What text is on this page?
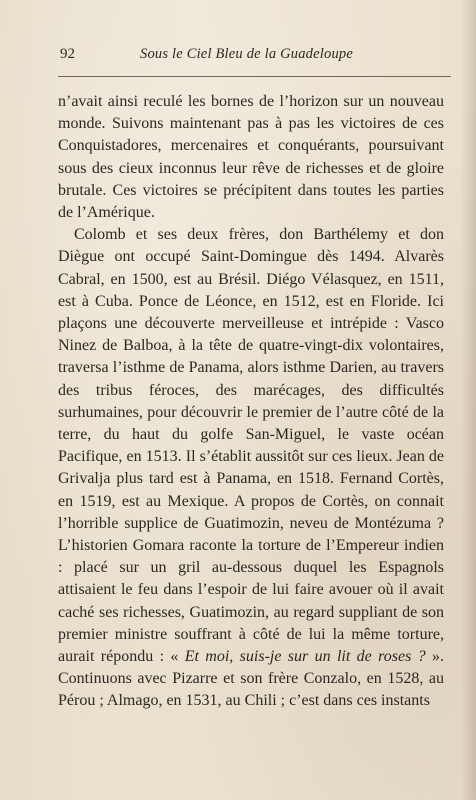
92	Sous le Ciel Bleu de la Guadeloupe

n’avait ainsi reculé les bornes de l’horizon sur un nouveau monde. Suivons maintenant pas à pas les victoires de ces Conquistadores, mercenaires et conquérants, poursuivant sous des cieux inconnus leur rêve de richesses et de gloire brutale. Ces victoires se précipitent dans toutes les parties de l’Amérique.

Colomb et ses deux frères, don Barthélemy et don Diègue ont occupé Saint-Domingue dès 1494. Alvarès Cabral, en 1500, est au Brésil. Diégo Vélasquez, en 1511, est à Cuba. Ponce de Léonce, en 1512, est en Floride. Ici plaçons une découverte merveilleuse et intrépide : Vasco Ninez de Balboa, à la tête de quatre-vingt-dix volontaires, traversa l’isthme de Panama, alors isthme Darien, au travers des tribus féroces, des marécages, des difficultés surhumaines, pour découvrir le premier de l’autre côté de la terre, du haut du golfe San-Miguel, le vaste océan Pacifique, en 1513. Il s’établit aussitôt sur ces lieux. Jean de Grivalja plus tard est à Panama, en 1518. Fernand Cortès, en 1519, est au Mexique. A propos de Cortès, on connait l’horrible supplice de Guatimozin, neveu de Montézuma ? L’historien Gomara raconte la torture de l’Empereur indien : placé sur un gril au-dessous duquel les Espagnols attisaient le feu dans l’espoir de lui faire avouer où il avait caché ses richesses, Guatimozin, au regard suppliant de son premier ministre souffrant à côté de lui la même torture, aurait répondu : « Et moi, suis-je sur un lit de roses ? ». Continuons avec Pizarre et son frère Conzalo, en 1528, au Pérou ; Almago, en 1531, au Chili ; c’est dans ces instants
